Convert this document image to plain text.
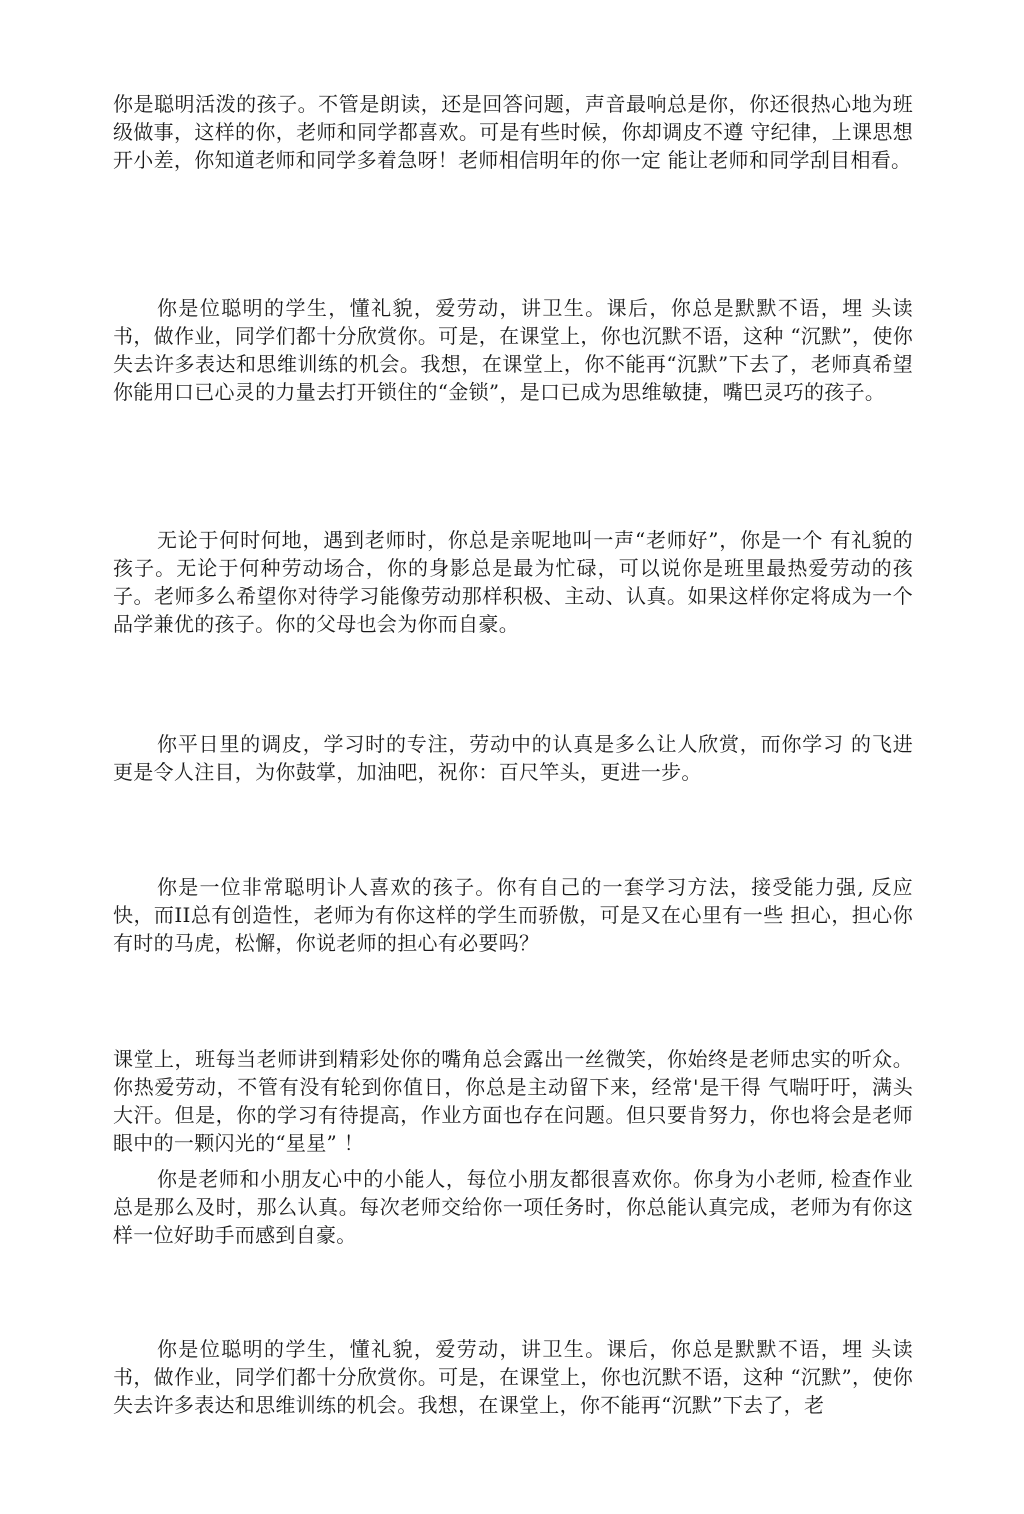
你是聪明活泼的孩子。不管是朗读，还是回答问题，声音最响总是你，你还很热心地为班级做事，这样的你，老师和同学都喜欢。可是有些时候，你却调皮不遵 守纪律，上课思想开小差，你知道老师和同学多着急呀！老师相信明年的你一定 能让老师和同学刮目相看。

你是位聪明的学生，懂礼貌，爱劳动，讲卫生。课后，你总是默默不语，埋 头读书，做作业，同学们都十分欣赏你。可是，在课堂上，你也沉默不语，这种 “沉默”，使你失去许多表达和思维训练的机会。我想，在课堂上，你不能再“沉默”下去了，老师真希望你能用口已心灵的力量去打开锁住的“金锁”，是口已成为思维敏捷，嘴巴灵巧的孩子。

无论于何时何地，遇到老师时，你总是亲呢地叫一声“老师好”，你是一个 有礼貌的孩子。无论于何种劳动场合，你的身影总是最为忙碌，可以说你是班里最热爱劳动的孩子。老师多么希望你对待学习能像劳动那样积极、主动、认真。如果这样你定将成为一个品学兼优的孩子。你的父母也会为你而自豪。

你平日里的调皮，学习时的专注，劳动中的认真是多么让人欣赏，而你学习 的飞进更是令人注目，为你鼓掌，加油吧，祝你：百尺竿头，更进一步。

你是一位非常聪明讣人喜欢的孩子。你有自己的一套学习方法，接受能力强, 反应快，而II总有创造性，老师为有你这样的学生而骄傲，可是又在心里有一些 担心，担心你有时的马虎，松懈，你说老师的担心有必要吗？

课堂上，班每当老师讲到精彩处你的嘴角总会露出一丝微笑，你始终是老师忠实的听众。你热爱劳动，不管有没有轮到你值日，你总是主动留下来，经常'是干得 气喘吁吁，满头大汗。但是，你的学习有待提高，作业方面也存在问题。但只要肯努力，你也将会是老师眼中的一颗闪光的“星星” ！

你是老师和小朋友心中的小能人，每位小朋友都很喜欢你。你身为小老师, 检查作业总是那么及时，那么认真。每次老师交给你一项任务时，你总能认真完成，老师为有你这样一位好助手而感到自豪。

你是位聪明的学生，懂礼貌，爱劳动，讲卫生。课后，你总是默默不语，埋 头读书，做作业，同学们都十分欣赏你。可是，在课堂上，你也沉默不语，这种 “沉默”，使你失去许多表达和思维训练的机会。我想，在课堂上，你不能再“沉默”下去了，老
